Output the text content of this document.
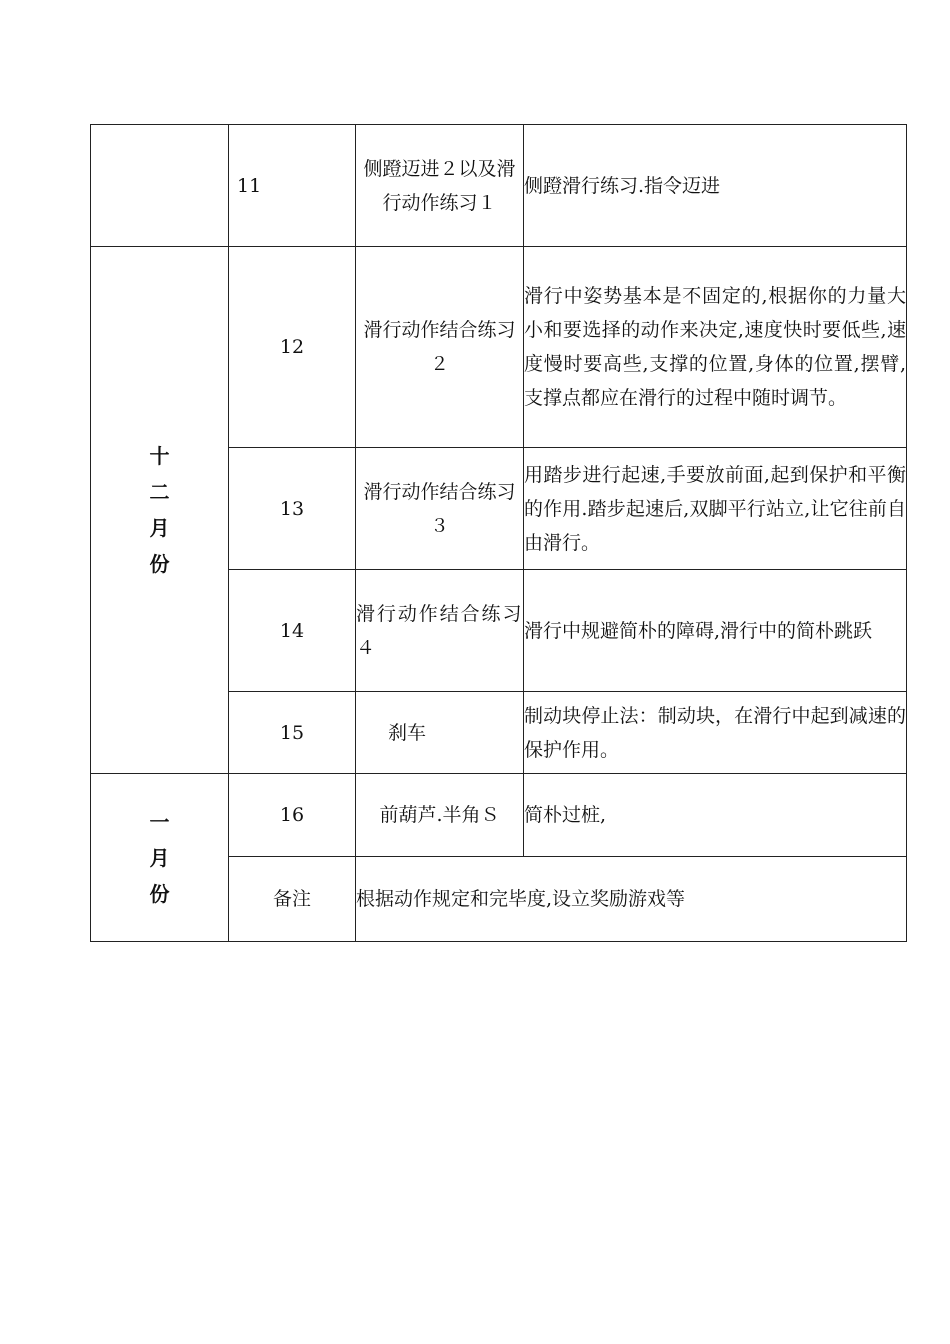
	11	侧蹬迈进２以及滑行动作练习１	侧蹬滑行练习.指令迈进

十
二
月
份	12	滑行动作结合练习２	滑行中姿势基本是不固定的,根据你的力量大小和要选择的动作来决定,速度快时要低些,速度慢时要高些,支撑的位置,身体的位置,摆臂,支撑点都应在滑行的过程中随时调节。
	13	滑行动作结合练习３	用踏步进行起速,手要放前面,起到保护和平衡的作用.踏步起速后,双脚平行站立,让它往前自由滑行。
	14	滑行动作结合练习４	滑行中规避简朴的障碍,滑行中的简朴跳跃
	15	刹车	制动块停止法：制动块，在滑行中起到减速的保护作用。

一
月
份	16	前葫芦.半角Ｓ	简朴过桩,
	备注	根据动作规定和完毕度,设立奖励游戏等	
